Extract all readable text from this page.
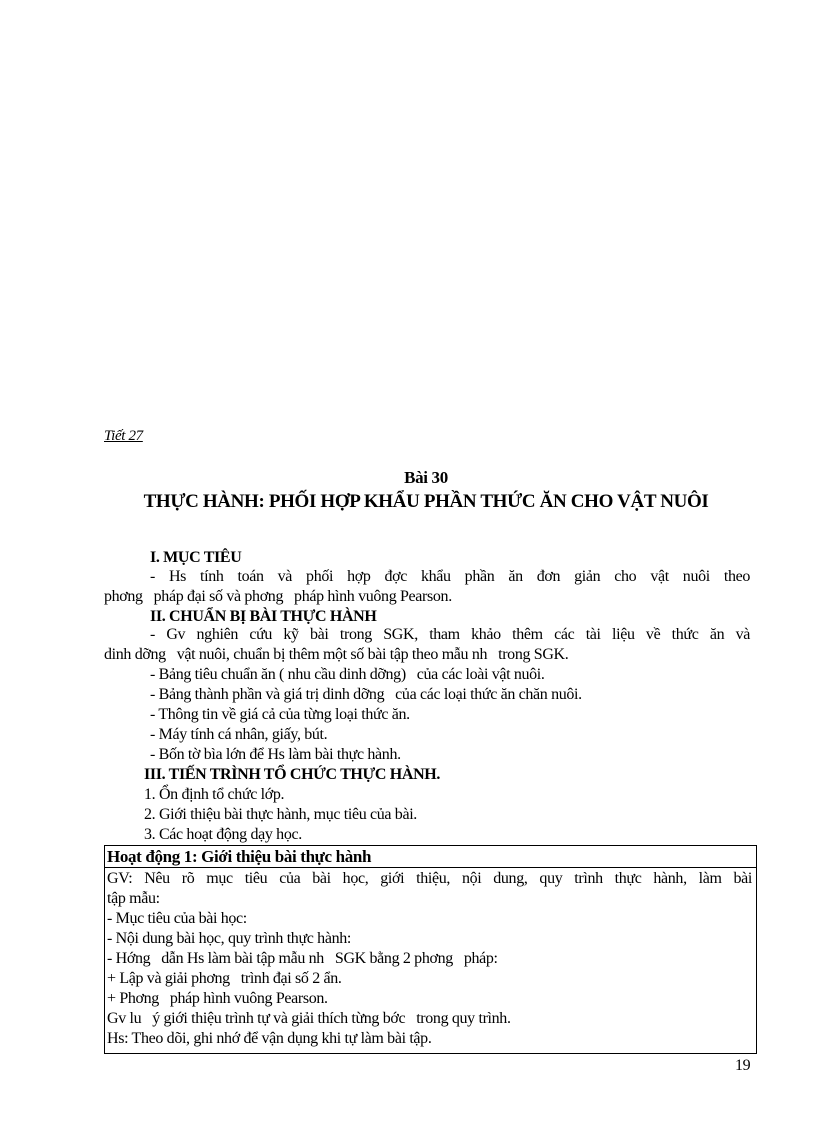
Tiết 27
Bài 30
THỰC HÀNH: PHỐI HỢP KHẨU PHẦN THỨC ĂN CHO VẬT NUÔI
I. MỤC TIÊU
- Hs tính toán và phối hợp đợc khẩu phần ăn đơn giản cho vật nuôi theo
phơng   pháp đại số và phơng   pháp hình vuông Pearson.
II. CHUẨN BỊ BÀI THỰC HÀNH
- Gv nghiên cứu kỹ bài trong SGK, tham khảo thêm các tài liệu về thức ăn và
dinh dỡng   vật nuôi, chuẩn bị thêm một số bài tập theo mẫu nh   trong SGK.
- Bảng tiêu chuẩn ăn ( nhu cầu dinh dỡng)   của các loài vật nuôi.
- Bảng thành phần và giá trị dinh dỡng   của các loại thức ăn chăn nuôi.
- Thông tin về giá cả của từng loại thức ăn.
- Máy tính cá nhân, giấy, bút.
- Bốn tờ bìa lớn để Hs làm bài thực hành.
III. TIẾN TRÌNH TỔ CHỨC THỰC HÀNH.
1. Ổn định tổ chức lớp.
2. Giới thiệu bài thực hành, mục tiêu của bài.
3. Các hoạt động dạy học.
Hoạt động 1: Giới thiệu bài thực hành
GV: Nêu rõ mục tiêu của bài học, giới thiệu, nội dung, quy trình thực hành, làm bài
tập mẫu:
- Mục tiêu của bài học:
- Nội dung bài học, quy trình thực hành:
- Hớng   dẫn Hs làm bài tập mẫu nh   SGK bằng 2 phơng   pháp:
+ Lập và giải phơng   trình đại số 2 ẩn.
+ Phơng   pháp hình vuông Pearson.
Gv lu   ý giới thiệu trình tự và giải thích từng bớc   trong quy trình.
Hs: Theo dõi, ghi nhớ để vận dụng khi tự làm bài tập.
19
